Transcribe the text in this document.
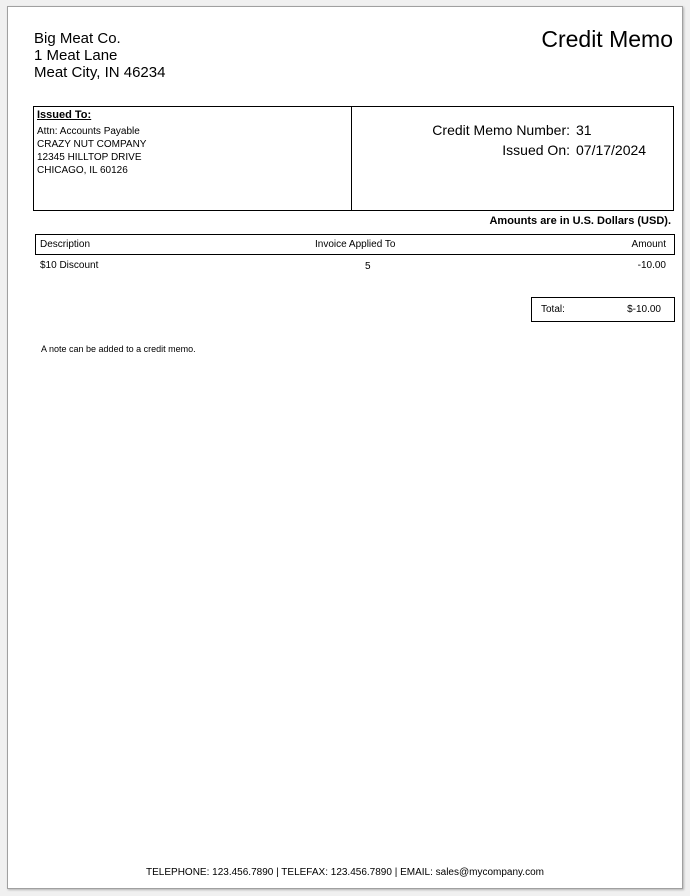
Big Meat Co.
1 Meat Lane
Meat City, IN 46234
Credit Memo
Issued To:
Attn: Accounts Payable
CRAZY NUT COMPANY
12345 HILLTOP DRIVE
CHICAGO, IL 60126
Credit Memo Number: 31
Issued On: 07/17/2024
Amounts are in U.S. Dollars (USD).
Description	Invoice Applied To	Amount
$10 Discount	5	-10.00
Total:	$-10.00
A note can be added to a credit memo.
TELEPHONE: 123.456.7890 | TELEFAX: 123.456.7890 | EMAIL: sales@mycompany.com
